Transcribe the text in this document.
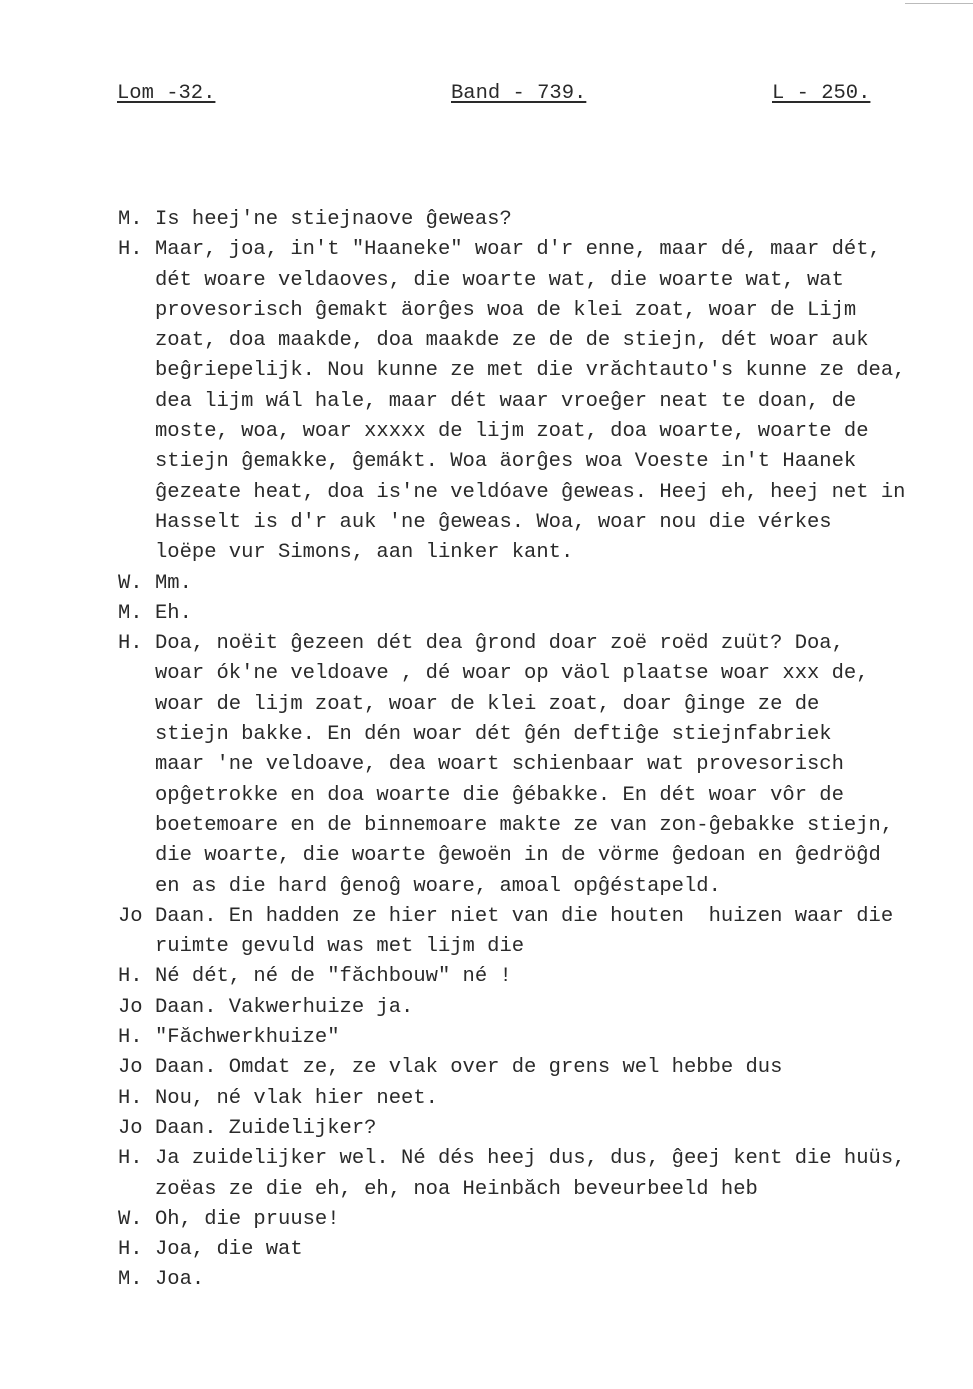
Lom -32.	Band - 739.	L - 250.
M. Is heej'ne stiejnaove ĝeweas?
H. Maar, joa, in't "Haaneke" woar d'r enne, maar dé, maar dét,
dét woare veldaoves, die woarte wat, die woarte wat, wat
provesorisch ĝemakt äorĝes woa de klei zoat, woar de Lijm
zoat, doa maakde, doa maakde ze de de stiejn, dét woar auk
beĝriepelijk. Nou kunne ze met die vrăchtauto's kunne ze dea,
dea lijm wál hale, maar dét waar vroeĝer neat te doan, de
moste, woa, woar xxxxx de lijm zoat, doa woarte, woarte de
stiejn ĝemakke, ĝemákt. Woa äorĝes woa Voeste in't Haanek
ĝezeate heat, doa is'ne veldóave ĝeweas. Heej eh, heej net in
Hasselt is d'r auk 'ne ĝeweas. Woa, woar nou die vérkes
loëpe vur Simons, aan linker kant.
W. Mm.
M. Eh.
H. Doa, noëit ĝezeen dét dea ĝrond doar zoë roëd zuüt? Doa,
woar ók'ne veldoave , dé woar op väol plaatse woar xxx de,
woar de lijm zoat, woar de klei zoat, doar ĝinge ze de
stiejn bakke. En dén woar dét ĝén deftiĝe stiejnfabriek
maar 'ne veldoave, dea woart schienbaar wat provesorisch
opĝetrokke en doa woarte die ĝébakke. En dét woar vôr de
boetemoare en de binnemoare makte ze van zon-ĝebakke stiejn,
die woarte, die woarte ĝewoën in de vörme ĝedoan en ĝedröĝd
en as die hard ĝenoĝ woare, amoal opĝéstapeld.
Jo Daan. En hadden ze hier niet van die houten  huizen waar die
ruimte gevuld was met lijm die
H. Né dét, né de "făchbouw" né !
Jo Daan. Vakwerhuize ja.
H. "Făchwerkhuize"
Jo Daan. Omdat ze, ze vlak over de grens wel hebbe dus
H. Nou, né vlak hier neet.
Jo Daan. Zuidelijker?
H. Ja zuidelijker wel. Né dés heej dus, dus, ĝeej kent die huüs,
zoëas ze die eh, eh, noa Heinbăch beveurbeeld heb
W. Oh, die pruuse!
H. Joa, die wat
M. Joa.
